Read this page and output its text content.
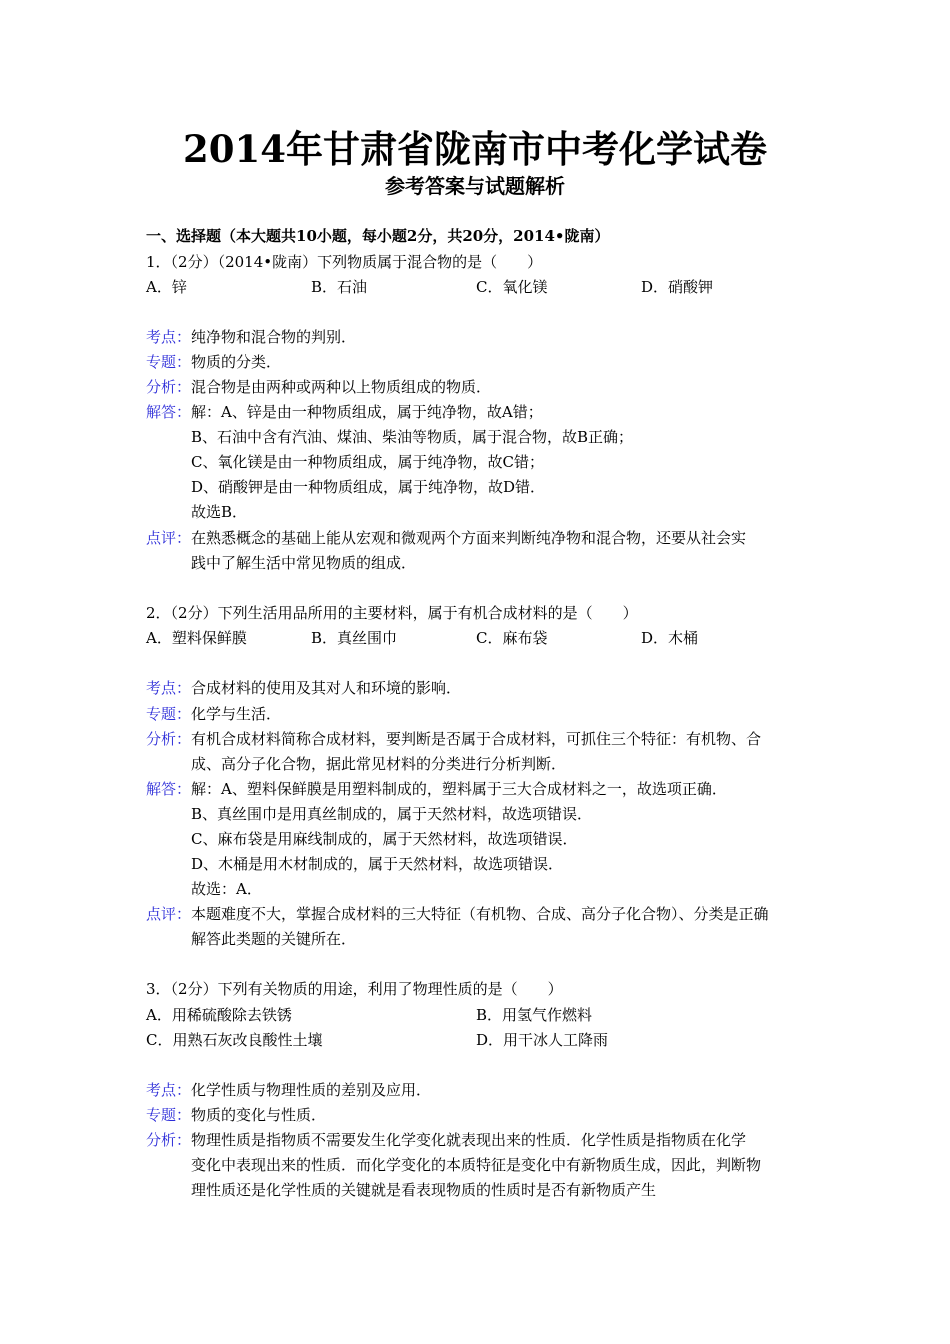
2014年甘肃省陇南市中考化学试卷
参考答案与试题解析
一、选择题（本大题共10小题，每小题2分，共20分，2014•陇南）
1．（2分）（2014•陇南）下列物质属于混合物的是（　　）
A．锌	B．石油	C．氧化镁	D．硝酸钾
考点：纯净物和混合物的判别．
专题：物质的分类．
分析：混合物是由两种或两种以上物质组成的物质．
解答：解：A、锌是由一种物质组成，属于纯净物，故A错；
B、石油中含有汽油、煤油、柴油等物质，属于混合物，故B正确；
C、氧化镁是由一种物质组成，属于纯净物，故C错；
D、硝酸钾是由一种物质组成，属于纯净物，故D错．
故选B．
点评：在熟悉概念的基础上能从宏观和微观两个方面来判断纯净物和混合物，还要从社会实
践中了解生活中常见物质的组成．
2．（2分）下列生活用品所用的主要材料，属于有机合成材料的是（　　）
A．塑料保鲜膜	B．真丝围巾	C．麻布袋	D．木桶
考点：合成材料的使用及其对人和环境的影响．
专题：化学与生活．
分析：有机合成材料简称合成材料，要判断是否属于合成材料，可抓住三个特征：有机物、合
成、高分子化合物，据此常见材料的分类进行分析判断．
解答：解：A、塑料保鲜膜是用塑料制成的，塑料属于三大合成材料之一，故选项正确．
B、真丝围巾是用真丝制成的，属于天然材料，故选项错误．
C、麻布袋是用麻线制成的，属于天然材料，故选项错误．
D、木桶是用木材制成的，属于天然材料，故选项错误．
故选：A．
点评：本题难度不大，掌握合成材料的三大特征（有机物、合成、高分子化合物）、分类是正确
解答此类题的关键所在．
3．（2分）下列有关物质的用途，利用了物理性质的是（　　）
A．用稀硫酸除去铁锈	B．用氢气作燃料
C．用熟石灰改良酸性土壤	D．用干冰人工降雨
考点：化学性质与物理性质的差别及应用．
专题：物质的变化与性质．
分析：物理性质是指物质不需要发生化学变化就表现出来的性质．化学性质是指物质在化学
变化中表现出来的性质．而化学变化的本质特征是变化中有新物质生成，因此，判断物
理性质还是化学性质的关键就是看表现物质的性质时是否有新物质产生
